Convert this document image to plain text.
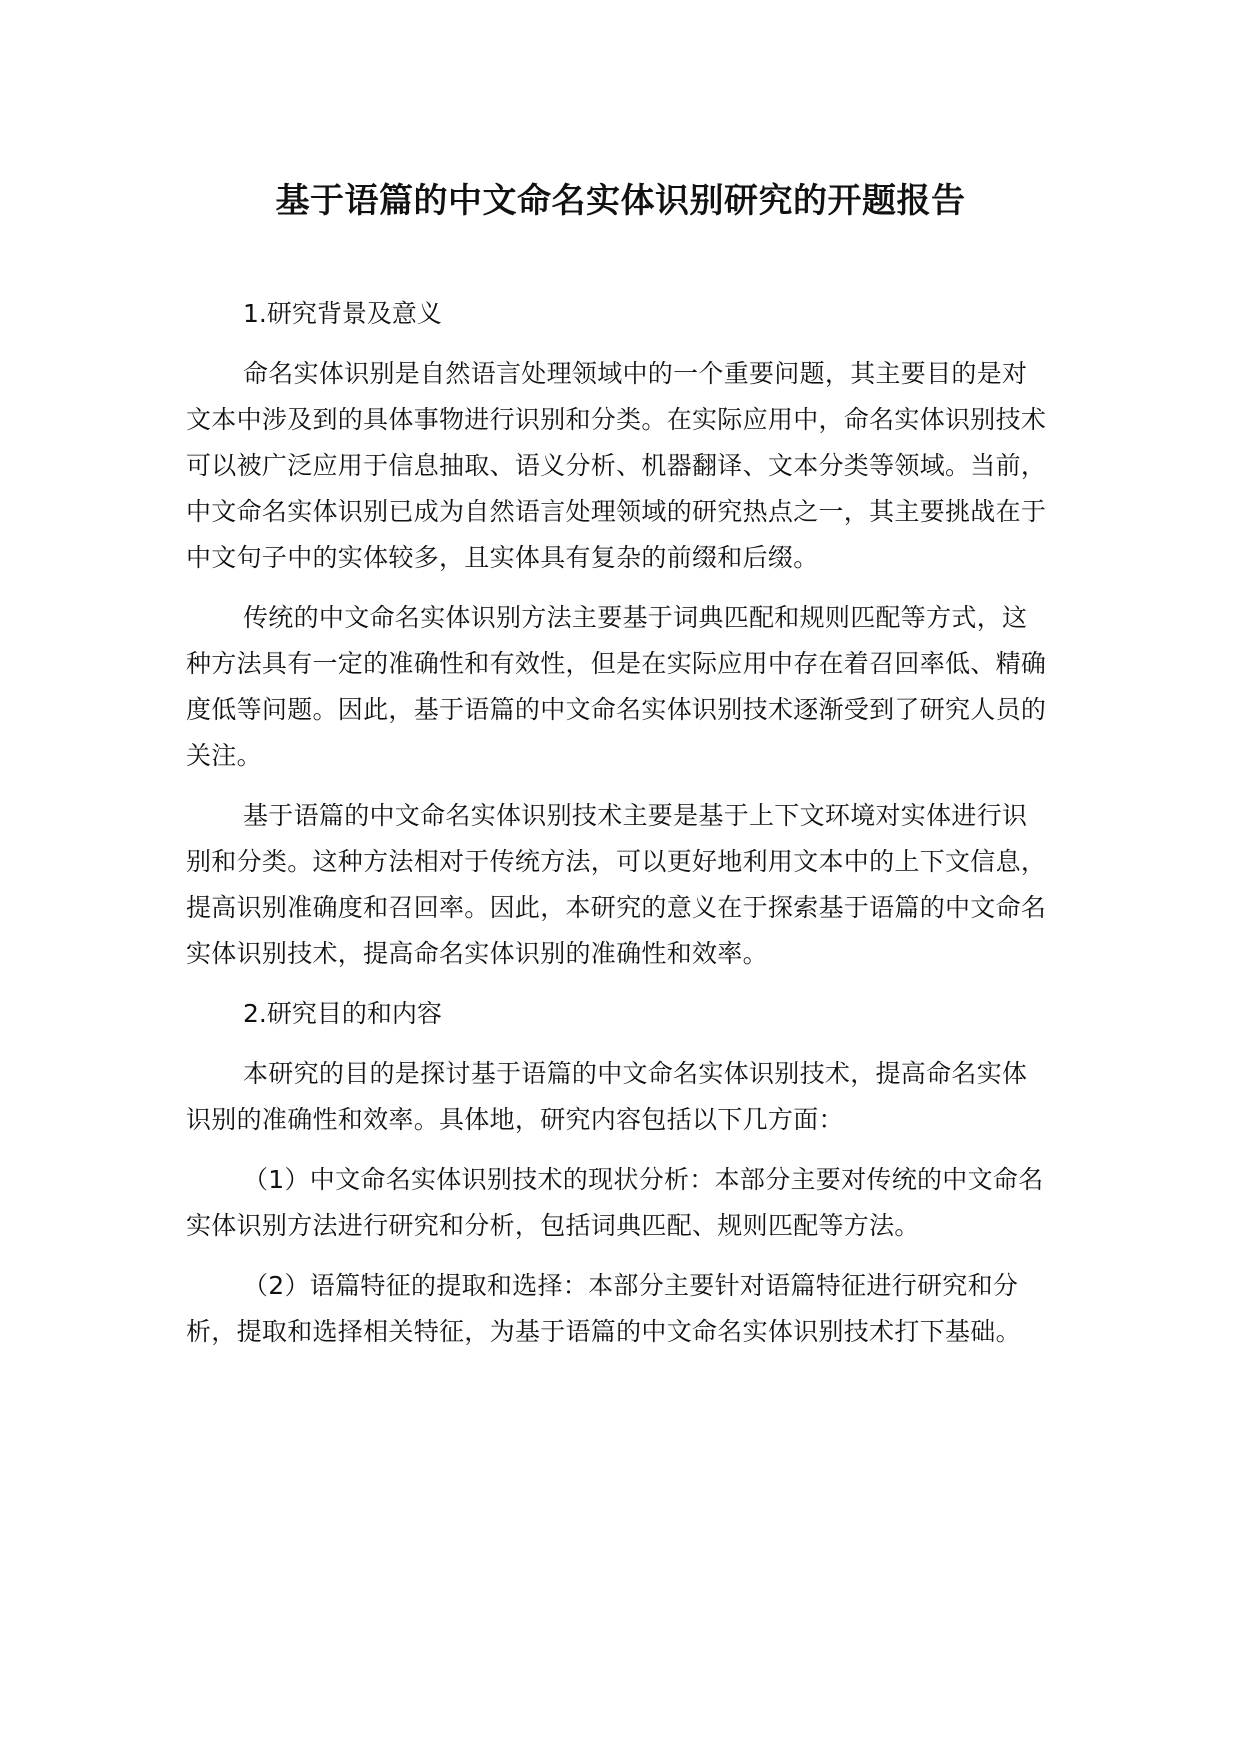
基于语篇的中文命名实体识别研究的开题报告

1.研究背景及意义

命名实体识别是自然语言处理领域中的一个重要问题，其主要目的是对文本中涉及到的具体事物进行识别和分类。在实际应用中，命名实体识别技术可以被广泛应用于信息抽取、语义分析、机器翻译、文本分类等领域。当前，中文命名实体识别已成为自然语言处理领域的研究热点之一，其主要挑战在于中文句子中的实体较多，且实体具有复杂的前缀和后缀。

传统的中文命名实体识别方法主要基于词典匹配和规则匹配等方式，这种方法具有一定的准确性和有效性，但是在实际应用中存在着召回率低、精确度低等问题。因此，基于语篇的中文命名实体识别技术逐渐受到了研究人员的关注。

基于语篇的中文命名实体识别技术主要是基于上下文环境对实体进行识别和分类。这种方法相对于传统方法，可以更好地利用文本中的上下文信息，提高识别准确度和召回率。因此，本研究的意义在于探索基于语篇的中文命名实体识别技术，提高命名实体识别的准确性和效率。

2.研究目的和内容

本研究的目的是探讨基于语篇的中文命名实体识别技术，提高命名实体识别的准确性和效率。具体地，研究内容包括以下几方面：

（1）中文命名实体识别技术的现状分析：本部分主要对传统的中文命名实体识别方法进行研究和分析，包括词典匹配、规则匹配等方法。

（2）语篇特征的提取和选择：本部分主要针对语篇特征进行研究和分析，提取和选择相关特征，为基于语篇的中文命名实体识别技术打下基础。
